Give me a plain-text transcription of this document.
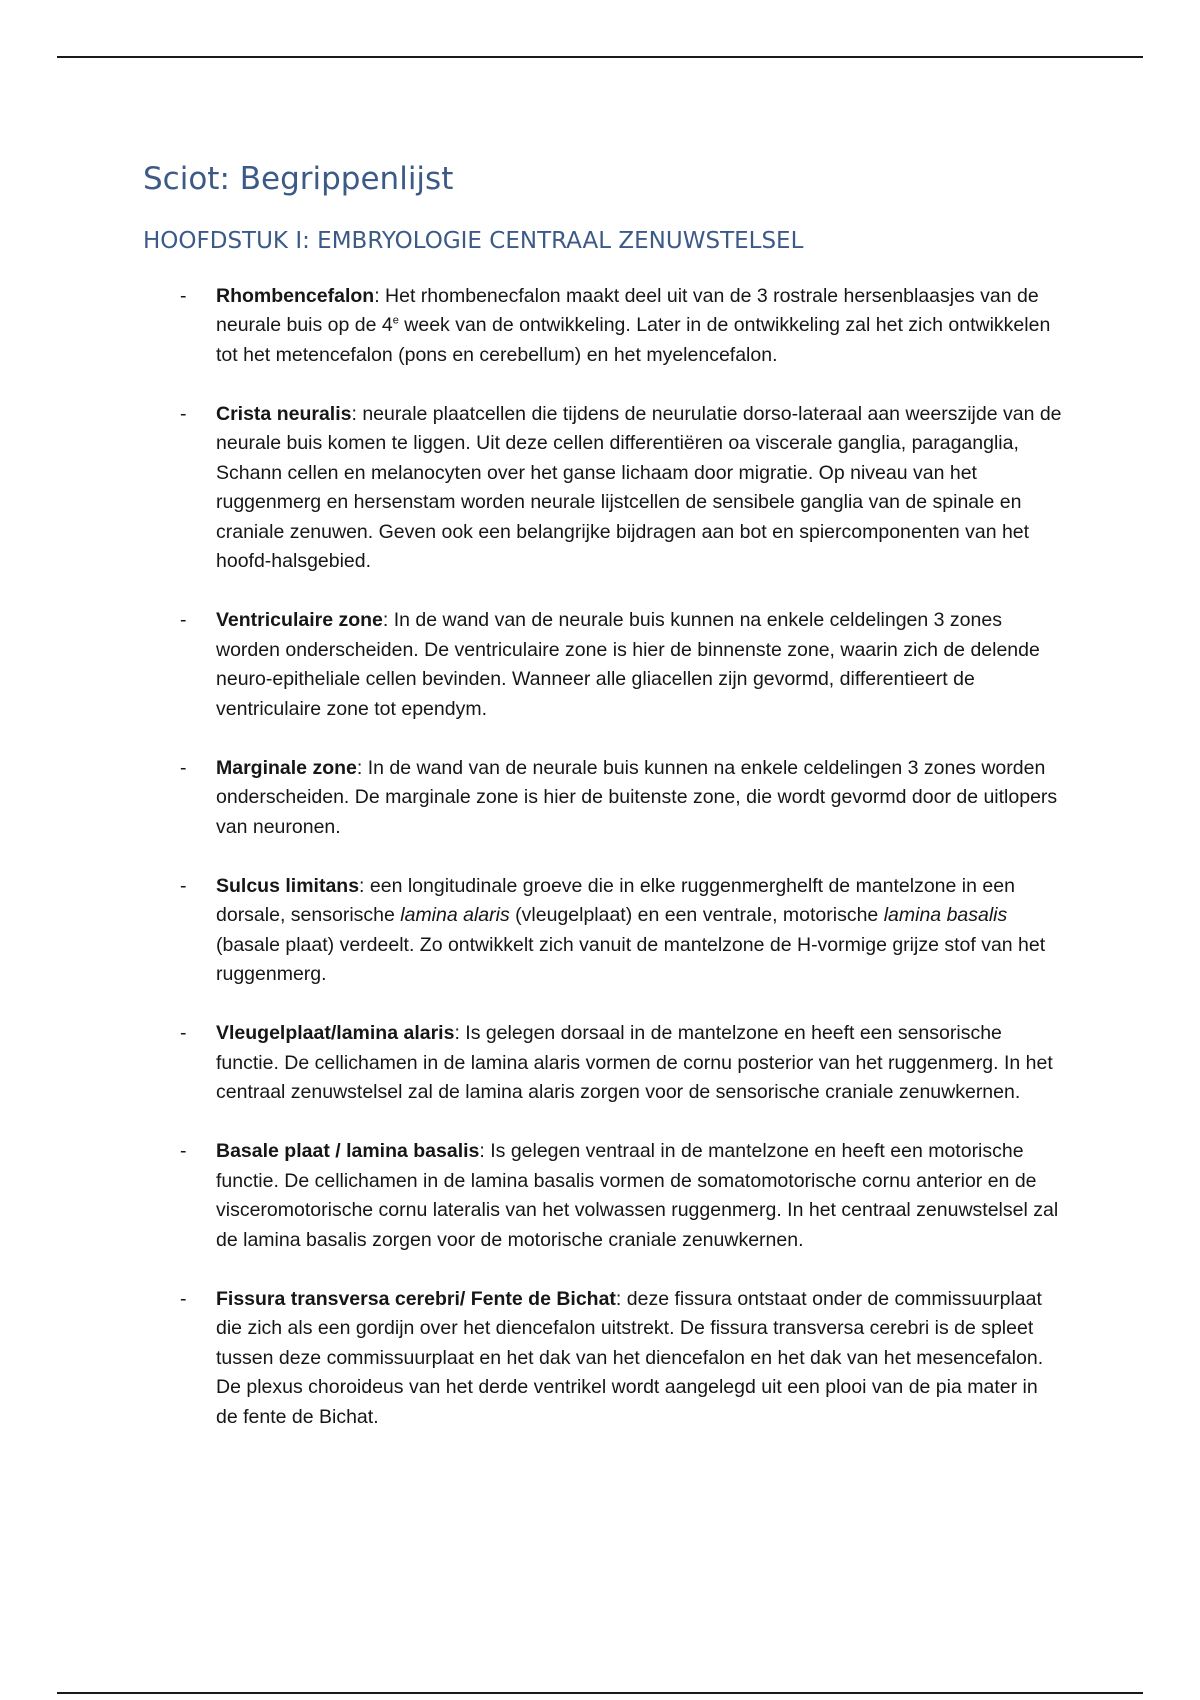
Sciot: Begrippenlijst
HOOFDSTUK I: EMBRYOLOGIE CENTRAAL ZENUWSTELSEL
- Rhombencefalon: Het rhombenecfalon maakt deel uit van de 3 rostrale hersenblaasjes van de neurale buis op de 4e week van de ontwikkeling. Later in de ontwikkeling zal het zich ontwikkelen tot het metencefalon (pons en cerebellum) en het myelencefalon.
- Crista neuralis: neurale plaatcellen die tijdens de neurulatie dorso-lateraal aan weerszijde van de neurale buis komen te liggen. Uit deze cellen differentiëren oa viscerale ganglia, paraganglia, Schann cellen en melanocyten over het ganse lichaam door migratie. Op niveau van het ruggenmerg en hersenstam worden neurale lijstcellen de sensibele ganglia van de spinale en craniale zenuwen. Geven ook een belangrijke bijdragen aan bot en spiercomponenten van het hoofd-halsgebied.
- Ventriculaire zone: In de wand van de neurale buis kunnen na enkele celdelingen 3 zones worden onderscheiden. De ventriculaire zone is hier de binnenste zone, waarin zich de delende neuro-epitheliale cellen bevinden. Wanneer alle gliacellen zijn gevormd, differentieert de ventriculaire zone tot ependym.
- Marginale zone: In de wand van de neurale buis kunnen na enkele celdelingen 3 zones worden onderscheiden. De marginale zone is hier de buitenste zone, die wordt gevormd door de uitlopers van neuronen.
- Sulcus limitans: een longitudinale groeve die in elke ruggenmerghelft de mantelzone in een dorsale, sensorische lamina alaris (vleugelplaat) en een ventrale, motorische lamina basalis (basale plaat) verdeelt. Zo ontwikkelt zich vanuit de mantelzone de H-vormige grijze stof van het ruggenmerg.
- Vleugelplaat/lamina alaris: Is gelegen dorsaal in de mantelzone en heeft een sensorische functie. De cellichamen in de lamina alaris vormen de cornu posterior van het ruggenmerg. In het centraal zenuwstelsel zal de lamina alaris zorgen voor de sensorische craniale zenuwkernen.
- Basale plaat / lamina basalis: Is gelegen ventraal in de mantelzone en heeft een motorische functie. De cellichamen in de lamina basalis vormen de somatomotorische cornu anterior en de visceromotorische cornu lateralis van het volwassen ruggenmerg. In het centraal zenuwstelsel zal de lamina basalis zorgen voor de motorische craniale zenuwkernen.
- Fissura transversa cerebri/ Fente de Bichat: deze fissura ontstaat onder de commissuurplaat die zich als een gordijn over het diencefalon uitstrekt. De fissura transversa cerebri is de spleet tussen deze commissuurplaat en het dak van het diencefalon en het dak van het mesencefalon. De plexus choroideus van het derde ventrikel wordt aangelegd uit een plooi van de pia mater in de fente de Bichat.
